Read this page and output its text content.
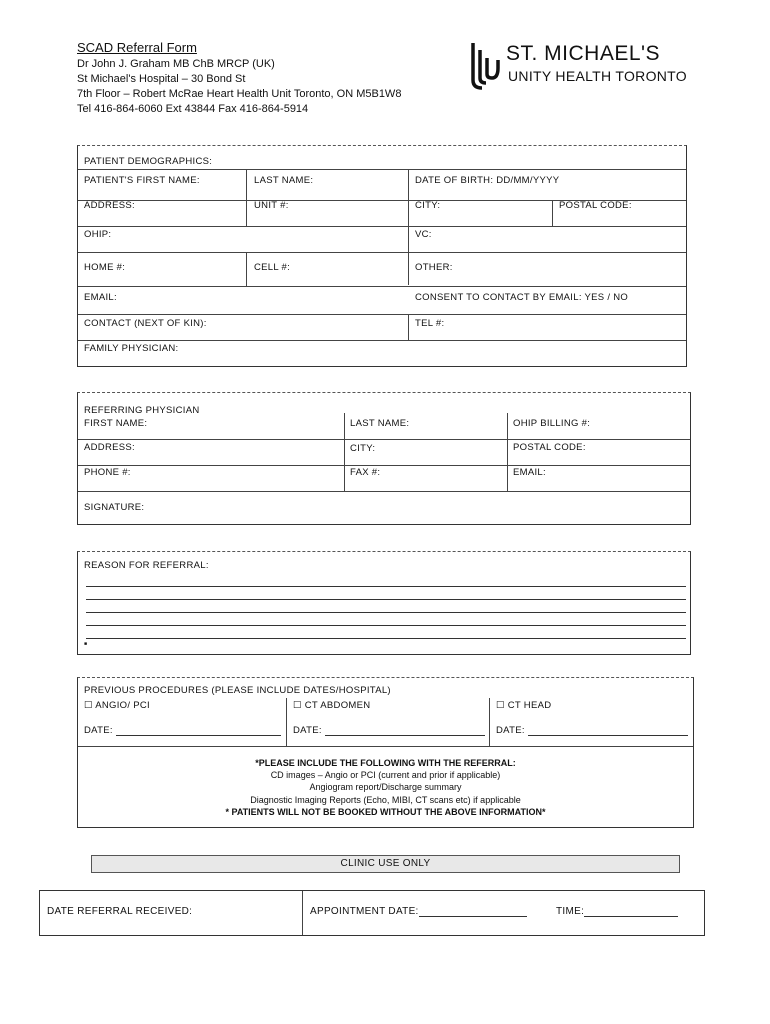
SCAD Referral Form
Dr John J. Graham MB ChB MRCP (UK)
St Michael's Hospital – 30 Bond St
7th Floor – Robert McRae Heart Health Unit Toronto, ON M5B1W8
Tel 416-864-6060 Ext 43844 Fax 416-864-5914
ST. MICHAEL'S
UNITY HEALTH TORONTO
PATIENT DEMOGRAPHICS:
PATIENT'S FIRST NAME:	LAST NAME:	DATE OF BIRTH: DD/MM/YYYY
ADDRESS:	UNIT #:	CITY:	POSTAL CODE:
OHIP:	VC:
HOME #:	CELL #:	OTHER:
EMAIL:	CONSENT TO CONTACT BY EMAIL: YES / NO
CONTACT (NEXT OF KIN):	TEL #:
FAMILY PHYSICIAN:
REFERRING PHYSICIAN
FIRST NAME:	LAST NAME:	OHIP BILLING #:
ADDRESS:	CITY:	POSTAL CODE:
PHONE #:	FAX #:	EMAIL:
SIGNATURE:
REASON FOR REFERRAL:
■
PREVIOUS PROCEDURES (PLEASE INCLUDE DATES/HOSPITAL)
☐ ANGIO/ PCI	☐ CT ABDOMEN	☐ CT HEAD
DATE:	DATE:	DATE:
*PLEASE INCLUDE THE FOLLOWING WITH THE REFERRAL:
CD images – Angio or PCI (current and prior if applicable)
Angiogram report/Discharge summary
Diagnostic Imaging Reports (Echo, MIBI, CT scans etc) if applicable
* PATIENTS WILL NOT BE BOOKED WITHOUT THE ABOVE INFORMATION*
CLINIC USE ONLY
DATE REFERRAL RECEIVED:	APPOINTMENT DATE:	TIME:
